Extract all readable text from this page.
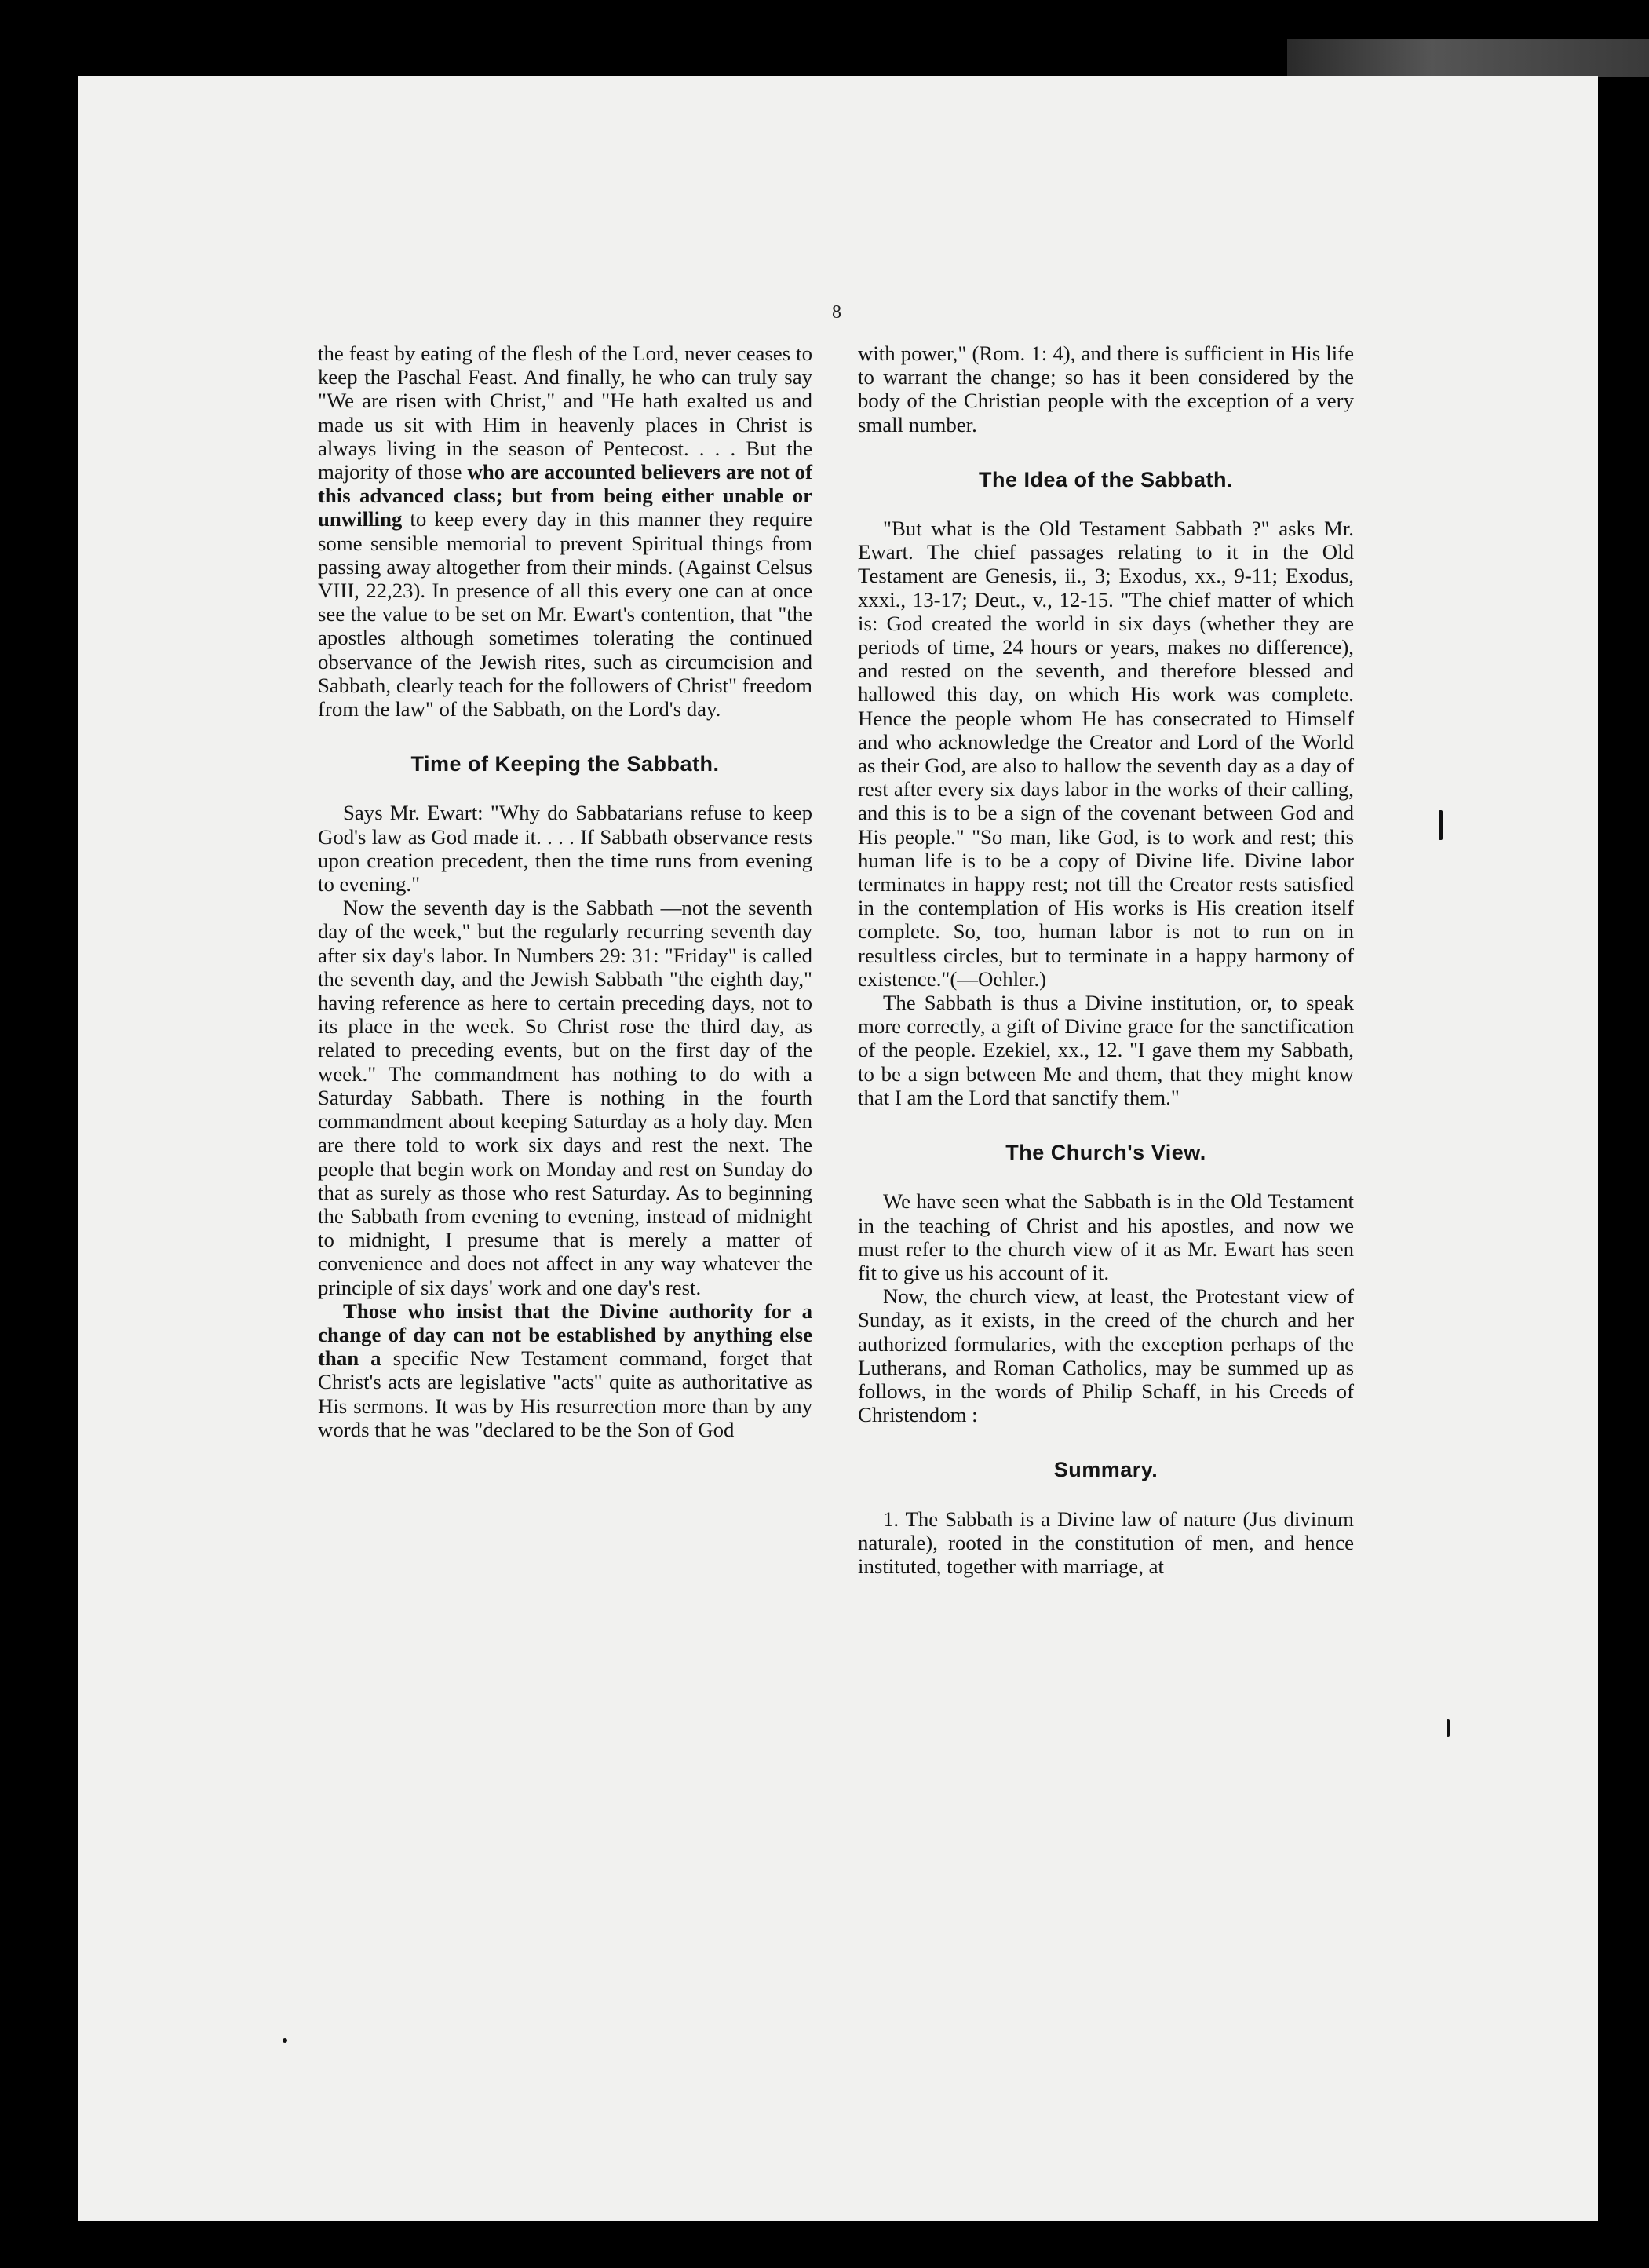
8

the feast by eating of the flesh of the Lord, never ceases to keep the Paschal Feast. And finally, he who can truly say "We are risen with Christ," and "He hath exalted us and made us sit with Him in heavenly places in Christ is always living in the season of Pentecost. . . . But the majority of those who are accounted believers are not of this advanced class; but from being either unable or unwilling to keep every day in this manner they require some sensible memorial to prevent Spiritual things from passing away altogether from their minds. (Against Celsus VIII, 22,23). In presence of all this every one can at once see the value to be set on Mr. Ewart's contention, that "the apostles although sometimes tolerating the continued observance of the Jewish rites, such as circumcision and Sabbath, clearly teach for the followers of Christ" freedom from the law" of the Sabbath, on the Lord's day.

Time of Keeping the Sabbath.

Says Mr. Ewart: "Why do Sabbatarians refuse to keep God's law as God made it. . . . If Sabbath observance rests upon creation precedent, then the time runs from evening to evening."

Now the seventh day is the Sabbath —not the seventh day of the week," but the regularly recurring seventh day after six day's labor. In Numbers 29: 31: "Friday" is called the seventh day, and the Jewish Sabbath "the eighth day," having reference as here to certain preceding days, not to its place in the week. So Christ rose the third day, as related to preceding events, but on the first day of the week." The commandment has nothing to do with a Saturday Sabbath. There is nothing in the fourth commandment about keeping Saturday as a holy day. Men are there told to work six days and rest the next. The people that begin work on Monday and rest on Sunday do that as surely as those who rest Saturday. As to beginning the Sabbath from evening to evening, instead of midnight to midnight, I presume that is merely a matter of convenience and does not affect in any way whatever the principle of six days' work and one day's rest.

Those who insist that the Divine authority for a change of day can not be established by anything else than a specific New Testament command, forget that Christ's acts are legislative "acts" quite as authoritative as His sermons. It was by His resurrection more than by any words that he was "declared to be the Son of God

with power," (Rom. 1: 4), and there is sufficient in His life to warrant the change; so has it been considered by the body of the Christian people with the exception of a very small number.

The Idea of the Sabbath.

"But what is the Old Testament Sabbath ?" asks Mr. Ewart. The chief passages relating to it in the Old Testament are Genesis, ii., 3; Exodus, xx., 9-11; Exodus, xxxi., 13-17; Deut., v., 12-15. "The chief matter of which is: God created the world in six days (whether they are periods of time, 24 hours or years, makes no difference), and rested on the seventh, and therefore blessed and hallowed this day, on which His work was complete. Hence the people whom He has consecrated to Himself and who acknowledge the Creator and Lord of the World as their God, are also to hallow the seventh day as a day of rest after every six days labor in the works of their calling, and this is to be a sign of the covenant between God and His people." "So man, like God, is to work and rest; this human life is to be a copy of Divine life. Divine labor terminates in happy rest; not till the Creator rests satisfied in the contemplation of His works is His creation itself complete. So, too, human labor is not to run on in resultless circles, but to terminate in a happy harmony of existence."(—Oehler.)

The Sabbath is thus a Divine institution, or, to speak more correctly, a gift of Divine grace for the sanctification of the people. Ezekiel, xx., 12. "I gave them my Sabbath, to be a sign between Me and them, that they might know that I am the Lord that sanctify them."

The Church's View.

We have seen what the Sabbath is in the Old Testament in the teaching of Christ and his apostles, and now we must refer to the church view of it as Mr. Ewart has seen fit to give us his account of it.

Now, the church view, at least, the Protestant view of Sunday, as it exists, in the creed of the church and her authorized formularies, with the exception perhaps of the Lutherans, and Roman Catholics, may be summed up as follows, in the words of Philip Schaff, in his Creeds of Christendom :

Summary.

1. The Sabbath is a Divine law of nature (Jus divinum naturale), rooted in the constitution of men, and hence instituted, together with marriage, at
